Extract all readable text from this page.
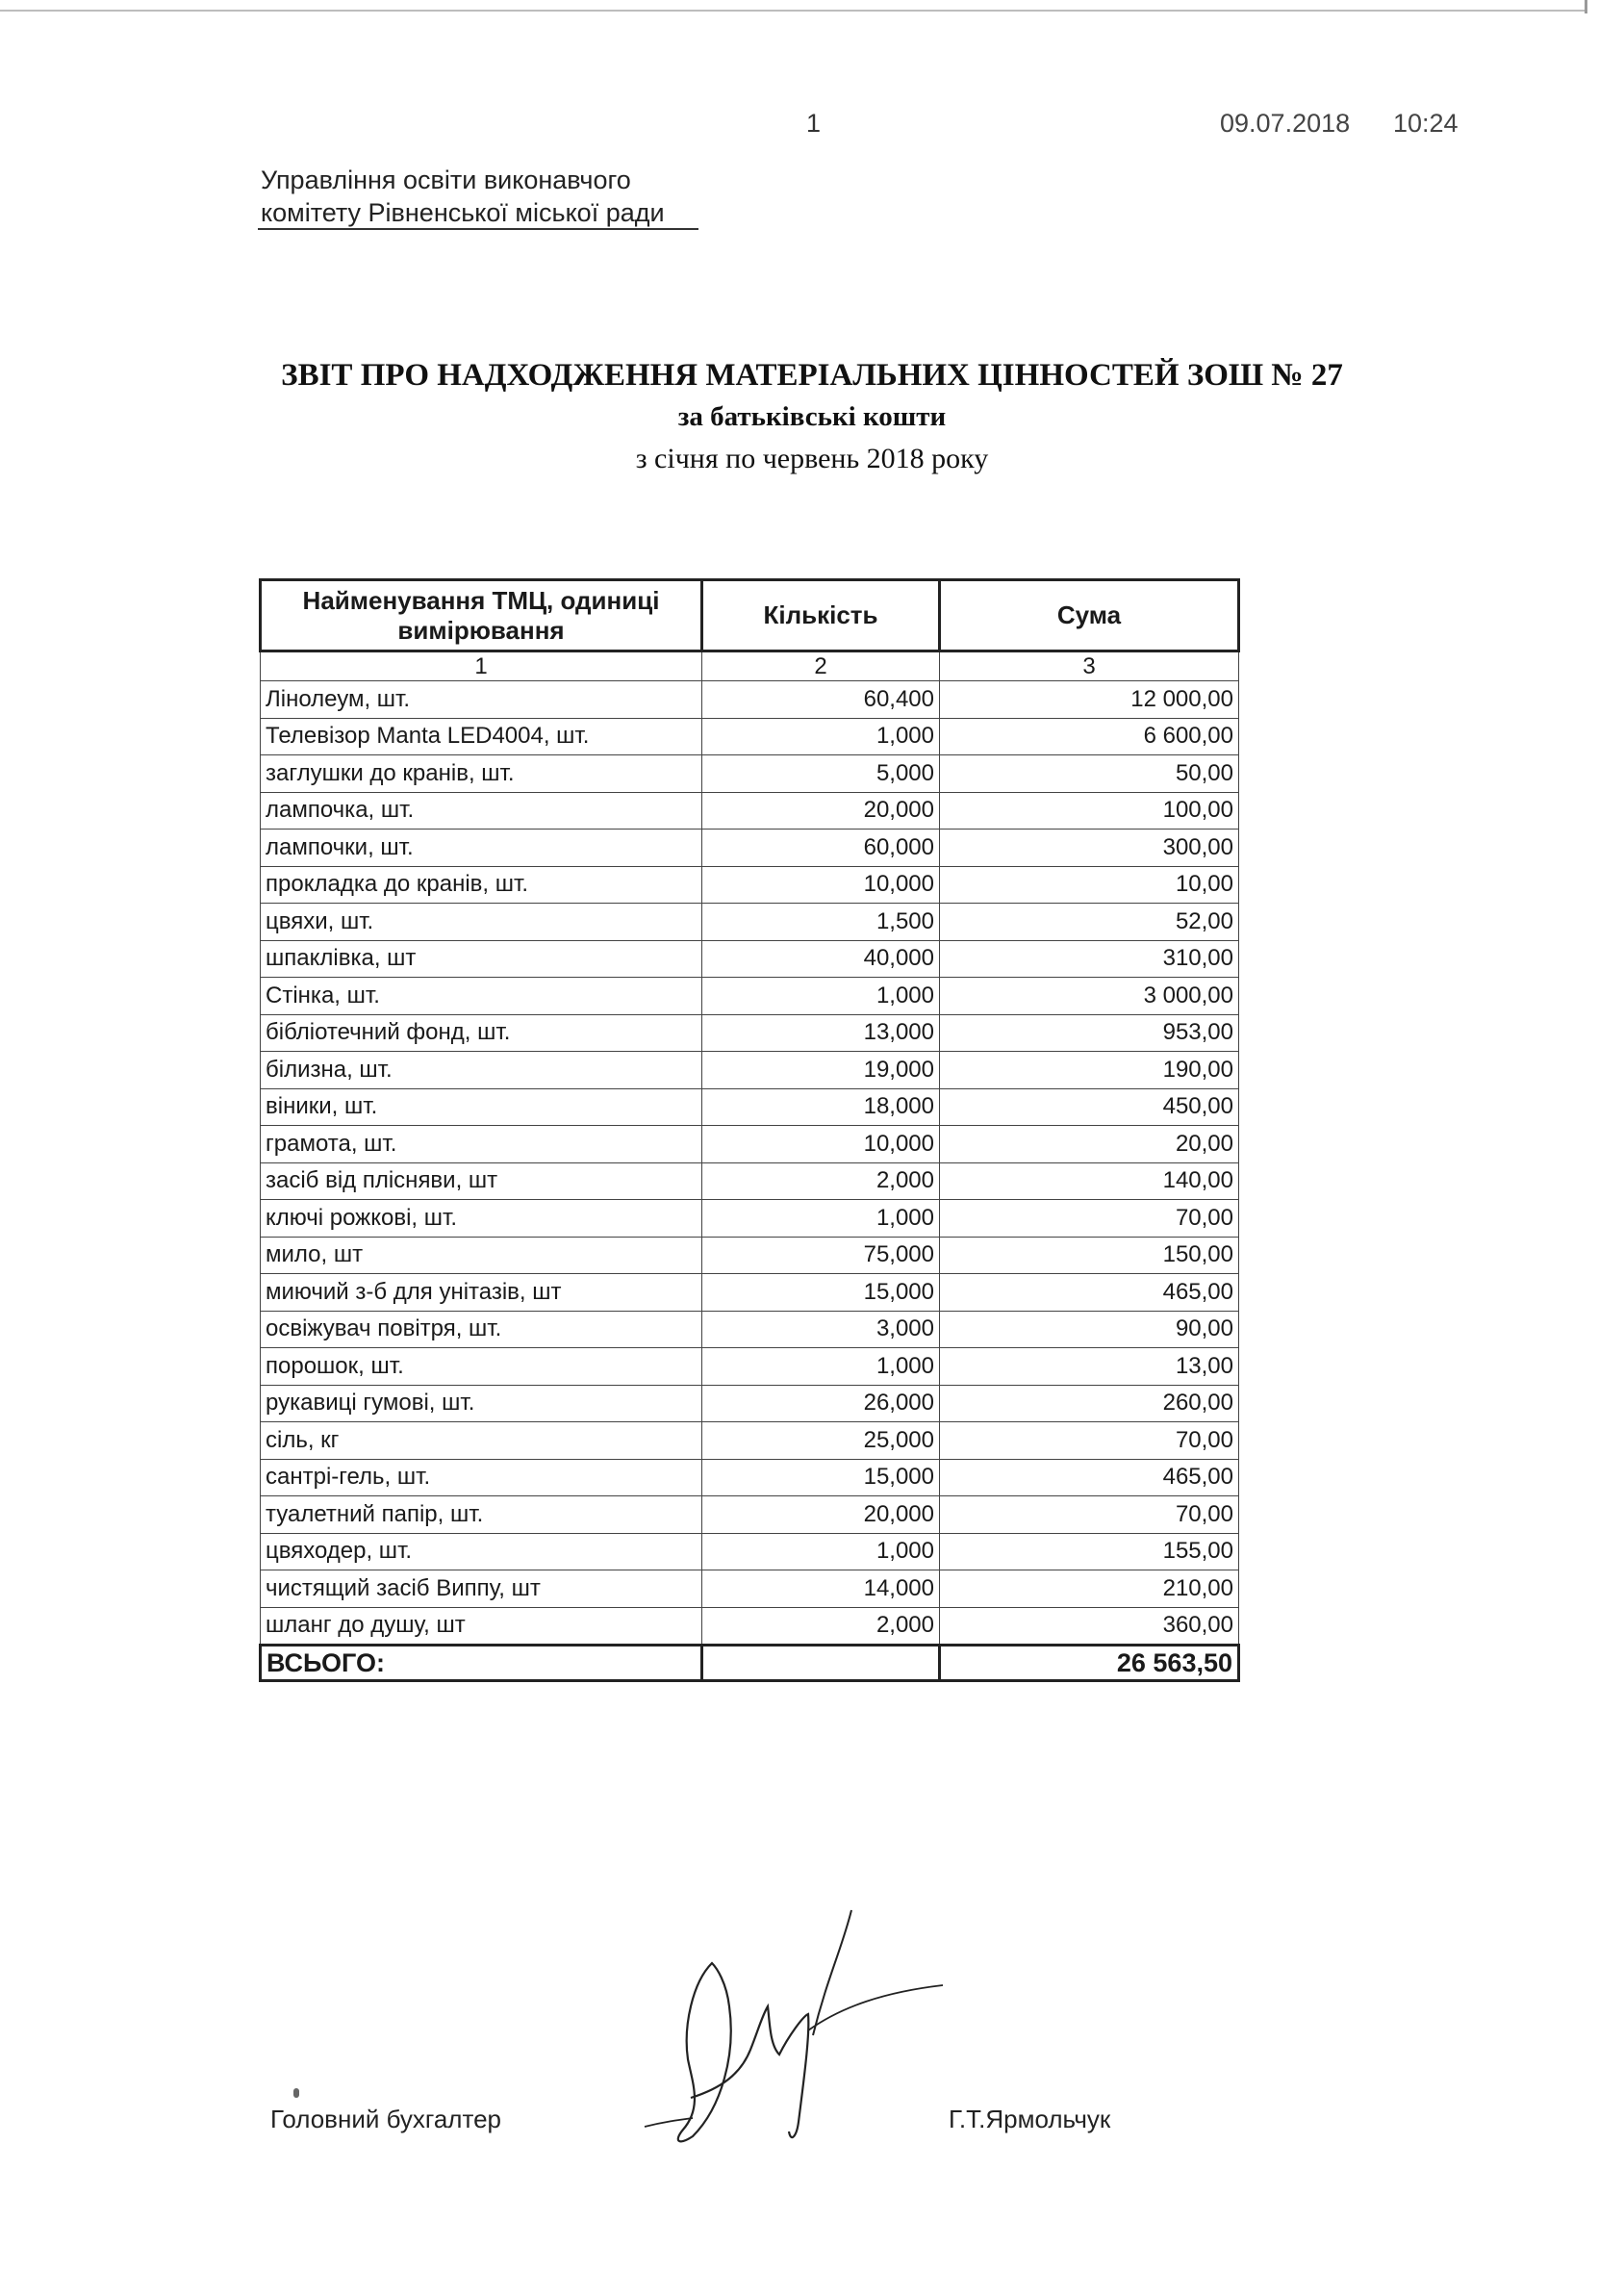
1	09.07.2018 10:24
Управління освіти виконавчого
комітету Рівненської міської ради
ЗВІТ ПРО НАДХОДЖЕННЯ МАТЕРІАЛЬНИХ ЦІННОСТЕЙ ЗОШ № 27
за батьківські кошти
з січня по червень 2018 року
Найменування ТМЦ, одиниці вимірювання	Кількість	Сума
1	2	3
Лінолеум, шт.	60,400	12 000,00
Телевізор Manta LED4004, шт.	1,000	6 600,00
заглушки до кранів, шт.	5,000	50,00
лампочка, шт.	20,000	100,00
лампочки, шт.	60,000	300,00
прокладка до кранів, шт.	10,000	10,00
цвяхи, шт.	1,500	52,00
шпаклівка, шт	40,000	310,00
Стінка, шт.	1,000	3 000,00
бібліотечний фонд, шт.	13,000	953,00
білизна, шт.	19,000	190,00
віники, шт.	18,000	450,00
грамота, шт.	10,000	20,00
засіб від плісняви, шт	2,000	140,00
ключі рожкові, шт.	1,000	70,00
мило, шт	75,000	150,00
миючий з-б для унітазів, шт	15,000	465,00
освіжувач повітря, шт.	3,000	90,00
порошок, шт.	1,000	13,00
рукавиці гумові, шт.	26,000	260,00
сіль, кг	25,000	70,00
сантрі-гель, шт.	15,000	465,00
туалетний папір, шт.	20,000	70,00
цвяходер, шт.	1,000	155,00
чистящий засіб Виппу, шт	14,000	210,00
шланг до душу, шт	2,000	360,00
ВСЬОГО:		26 563,50
Головний бухгалтер	Г.Т.Ярмольчук
